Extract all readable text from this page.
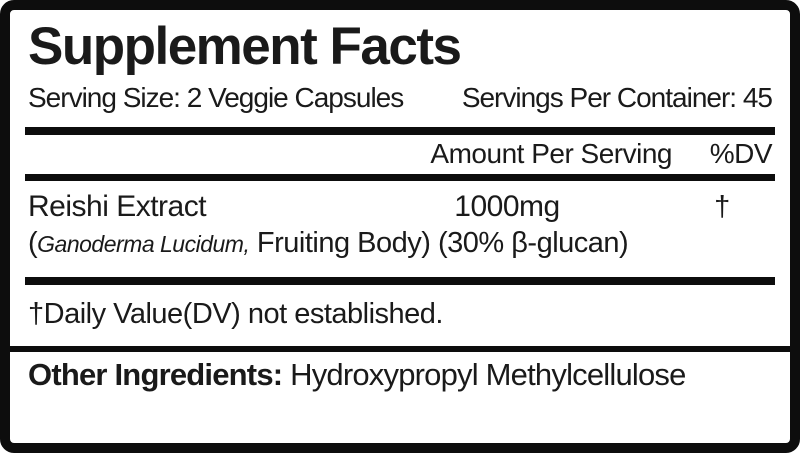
Supplement Facts
Serving Size: 2 Veggie Capsules Servings Per Container: 45
Amount Per Serving	%DV
Reishi Extract	1000mg	†
(Ganoderma Lucidum, Fruiting Body) (30% β-glucan)
†Daily Value(DV) not established.
Other Ingredients: Hydroxypropyl Methylcellulose
